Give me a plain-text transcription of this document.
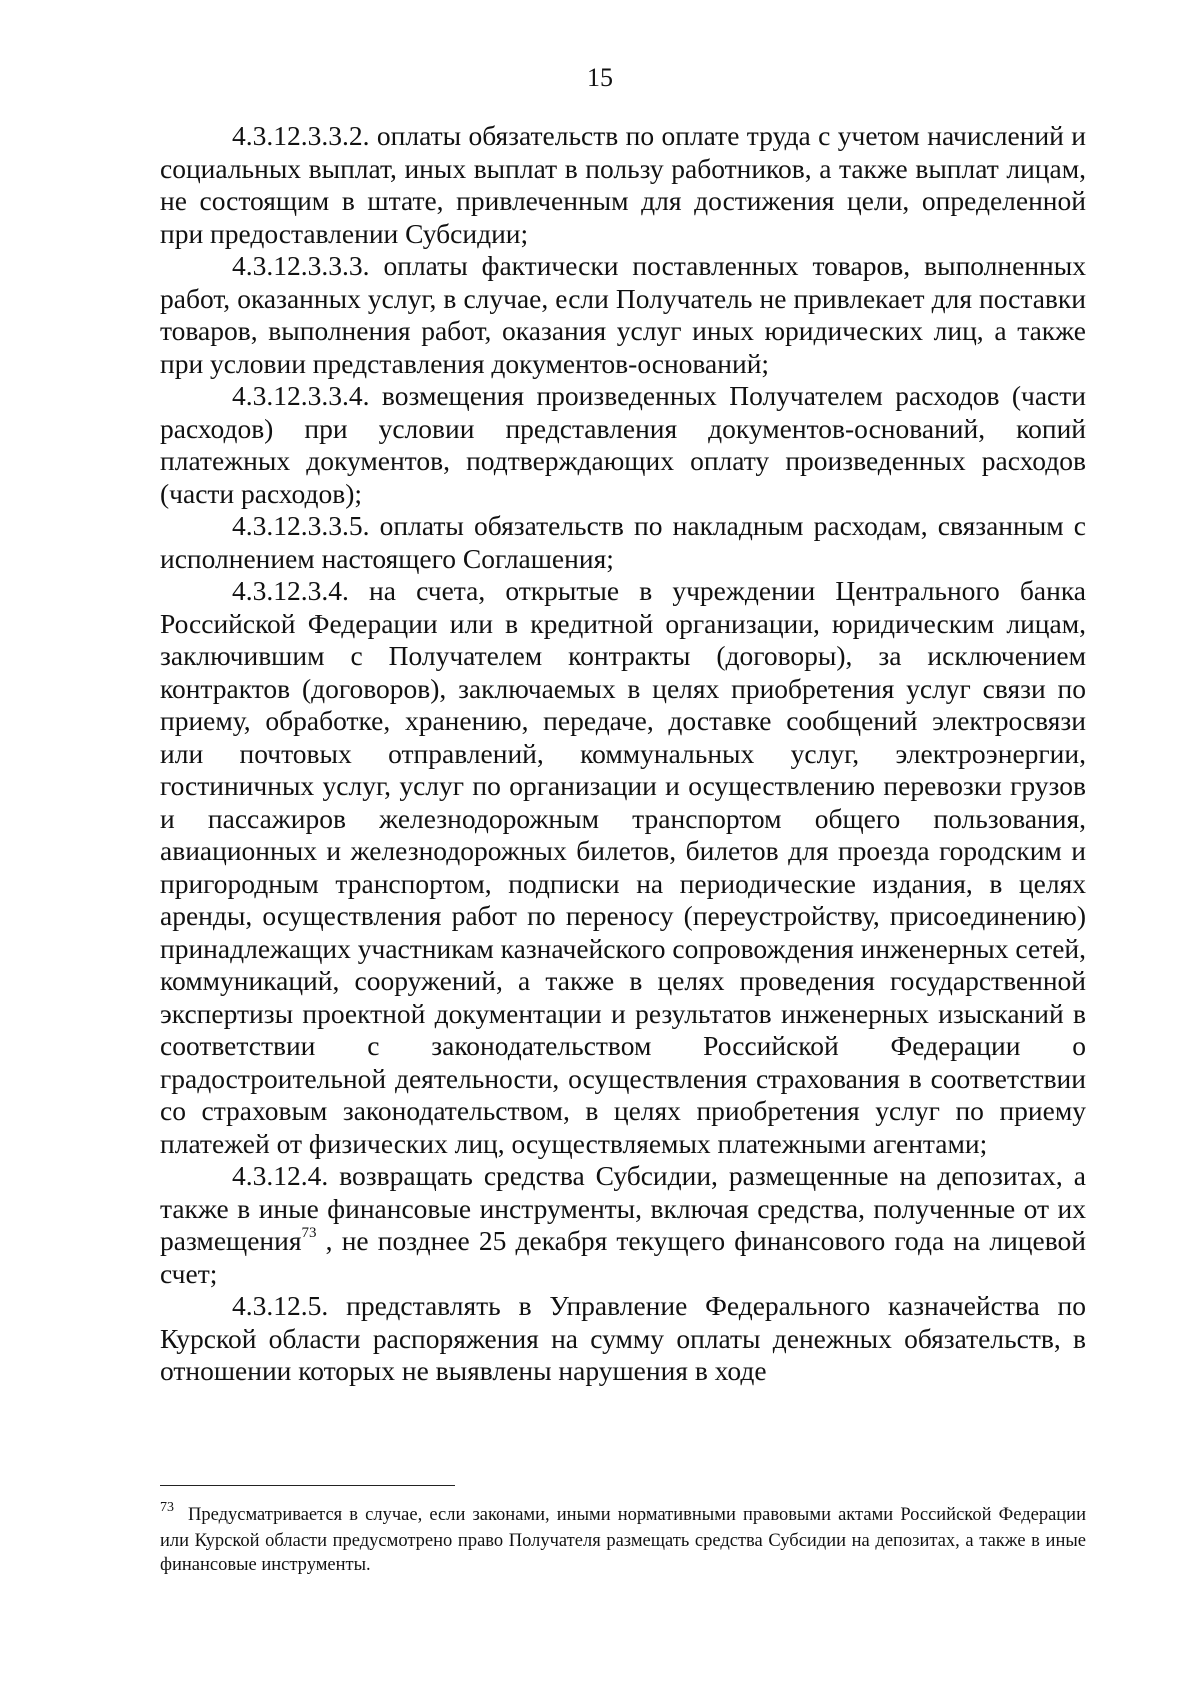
15

4.3.12.3.3.2. оплаты обязательств по оплате труда с учетом начислений и социальных выплат, иных выплат в пользу работников, а также выплат лицам, не состоящим в штате, привлеченным для достижения цели, определенной при предоставлении Субсидии;

4.3.12.3.3.3. оплаты фактически поставленных товаров, выполненных работ, оказанных услуг, в случае, если Получатель не привлекает для поставки товаров, выполнения работ, оказания услуг иных юридических лиц, а также при условии представления документов-оснований;

4.3.12.3.3.4. возмещения произведенных Получателем расходов (части расходов) при условии представления документов-оснований, копий платежных документов, подтверждающих оплату произведенных расходов (части расходов);

4.3.12.3.3.5. оплаты обязательств по накладным расходам, связанным с исполнением настоящего Соглашения;

4.3.12.3.4. на счета, открытые в учреждении Центрального банка Российской Федерации или в кредитной организации, юридическим лицам, заключившим с Получателем контракты (договоры), за исключением контрактов (договоров), заключаемых в целях приобретения услуг связи по приему, обработке, хранению, передаче, доставке сообщений электросвязи или почтовых отправлений, коммунальных услуг, электроэнергии, гостиничных услуг, услуг по организации и осуществлению перевозки грузов и пассажиров железнодорожным транспортом общего пользования, авиационных и железнодорожных билетов, билетов для проезда городским и пригородным транспортом, подписки на периодические издания, в целях аренды, осуществления работ по переносу (переустройству, присоединению) принадлежащих участникам казначейского сопровождения инженерных сетей, коммуникаций, сооружений, а также в целях проведения государственной экспертизы проектной документации и результатов инженерных изысканий в соответствии с законодательством Российской Федерации о градостроительной деятельности, осуществления страхования в соответствии со страховым законодательством, в целях приобретения услуг по приему платежей от физических лиц, осуществляемых платежными агентами;

4.3.12.4. возвращать средства Субсидии, размещенные на депозитах, а также в иные финансовые инструменты, включая средства, полученные от их размещения$^{73}$ , не позднее 25 декабря текущего финансового года на лицевой счет;

4.3.12.5. представлять в Управление Федерального казначейства по Курской области распоряжения на сумму оплаты денежных обязательств, в отношении которых не выявлены нарушения в ходе

$^{73}$ Предусматривается в случае, если законами, иными нормативными правовыми актами Российской Федерации или Курской области предусмотрено право Получателя размещать средства Субсидии на депозитах, а также в иные финансовые инструменты.
